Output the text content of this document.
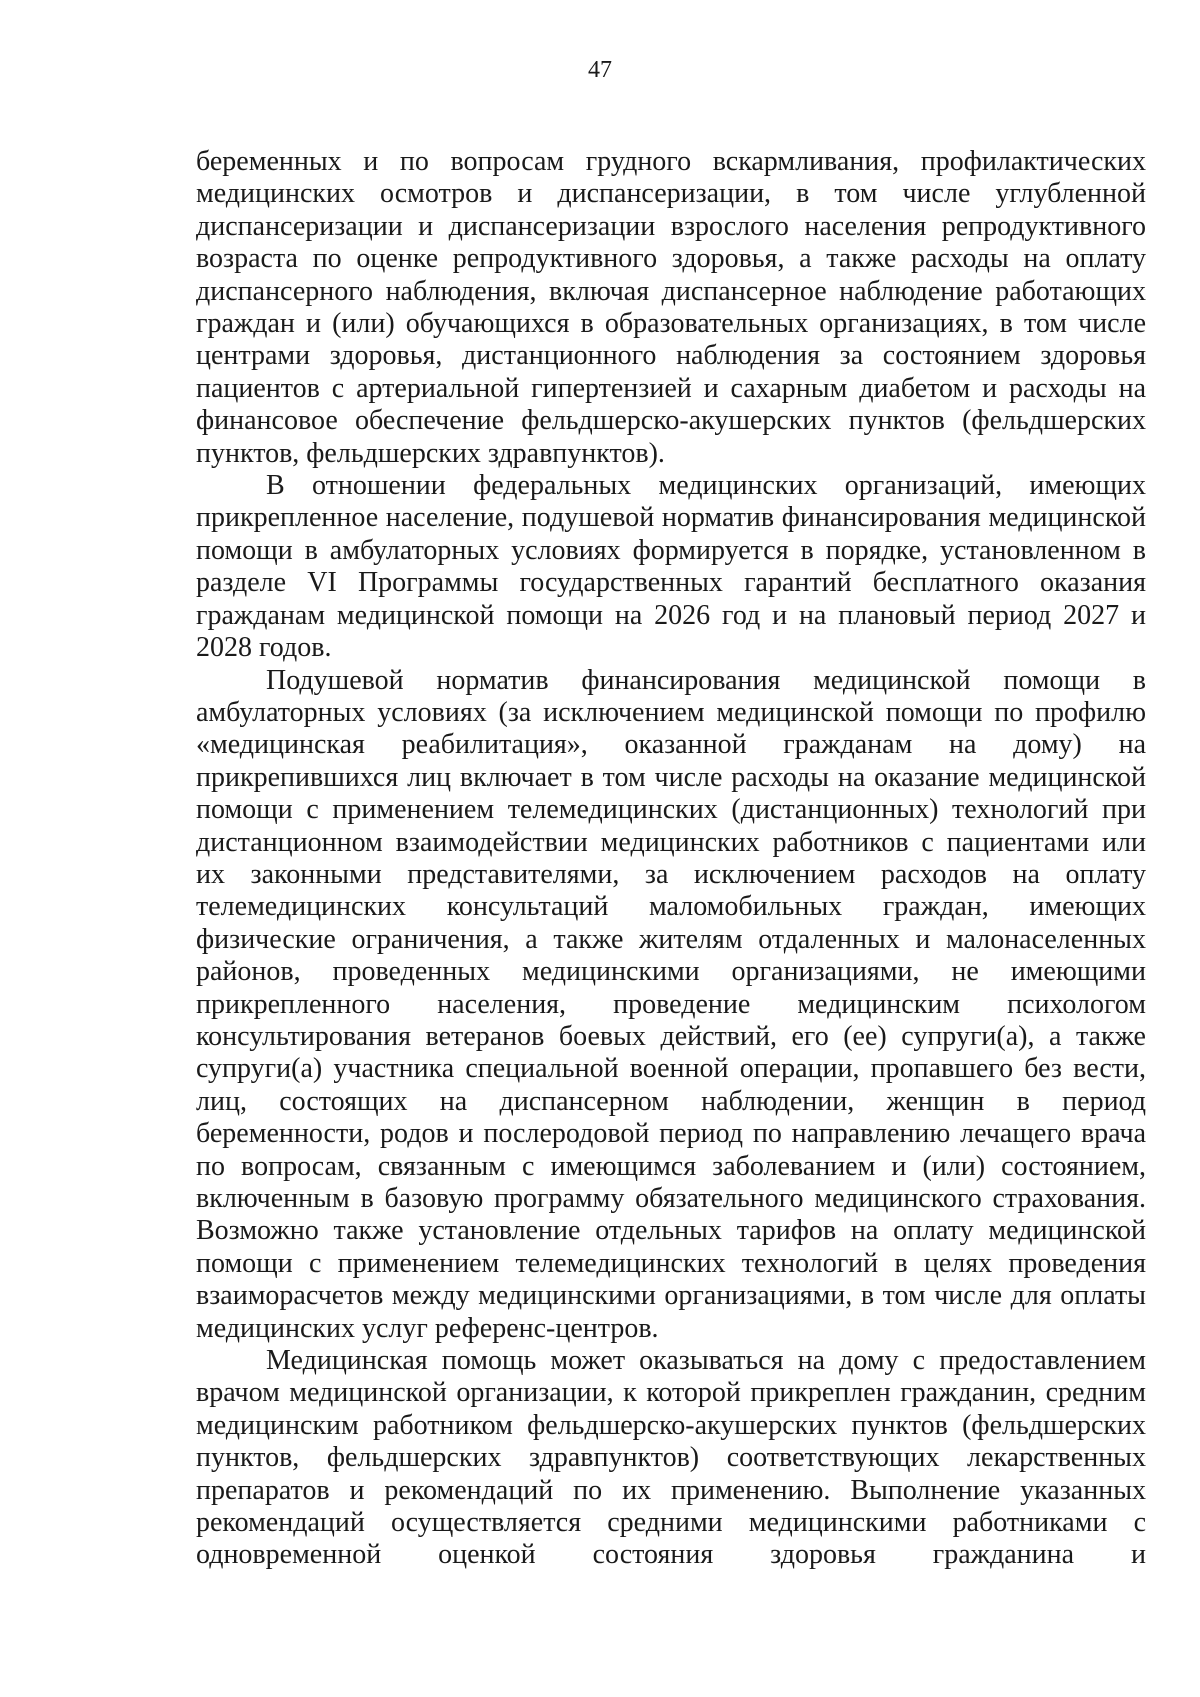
47

беременных и по вопросам грудного вскармливания, профилактических медицинских осмотров и диспансеризации, в том числе углубленной диспансеризации и диспансеризации взрослого населения репродуктивного возраста по оценке репродуктивного здоровья, а также расходы на оплату диспансерного наблюдения, включая диспансерное наблюдение работающих граждан и (или) обучающихся в образовательных организациях, в том числе центрами здоровья, дистанционного наблюдения за состоянием здоровья пациентов с артериальной гипертензией и сахарным диабетом и расходы на финансовое обеспечение фельдшерско-акушерских пунктов (фельдшерских пунктов, фельдшерских здравпунктов).

В отношении федеральных медицинских организаций, имеющих прикрепленное население, подушевой норматив финансирования медицинской помощи в амбулаторных условиях формируется в порядке, установленном в разделе VI Программы государственных гарантий бесплатного оказания гражданам медицинской помощи на 2026 год и на плановый период 2027 и 2028 годов.

Подушевой норматив финансирования медицинской помощи в амбулаторных условиях (за исключением медицинской помощи по профилю «медицинская реабилитация», оказанной гражданам на дому) на прикрепившихся лиц включает в том числе расходы на оказание медицинской помощи с применением телемедицинских (дистанционных) технологий при дистанционном взаимодействии медицинских работников с пациентами или их законными представителями, за исключением расходов на оплату телемедицинских консультаций маломобильных граждан, имеющих физические ограничения, а также жителям отдаленных и малонаселенных районов, проведенных медицинскими организациями, не имеющими прикрепленного населения, проведение медицинским психологом консультирования ветеранов боевых действий, его (ее) супруги(а), а также супруги(а) участника специальной военной операции, пропавшего без вести, лиц, состоящих на диспансерном наблюдении, женщин в период беременности, родов и послеродовой период по направлению лечащего врача по вопросам, связанным с имеющимся заболеванием и (или) состоянием, включенным в базовую программу обязательного медицинского страхования. Возможно также установление отдельных тарифов на оплату медицинской помощи с применением телемедицинских технологий в целях проведения взаиморасчетов между медицинскими организациями, в том числе для оплаты медицинских услуг референс-центров.

Медицинская помощь может оказываться на дому с предоставлением врачом медицинской организации, к которой прикреплен гражданин, средним медицинским работником фельдшерско-акушерских пунктов (фельдшерских пунктов, фельдшерских здравпунктов) соответствующих лекарственных препаратов и рекомендаций по их применению. Выполнение указанных рекомендаций осуществляется средними медицинскими работниками с одновременной оценкой состояния здоровья гражданина и
